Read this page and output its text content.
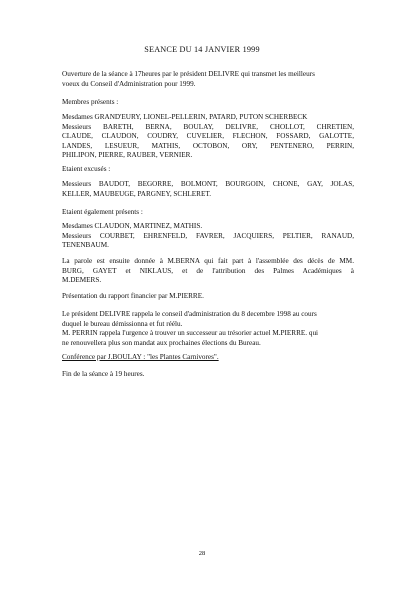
SEANCE DU 14 JANVIER 1999
Ouverture de la séance à 17heures par le président DELIVRE qui transmet les meilleurs
voeux du Conseil d'Administration pour 1999.
Membres présents :
Mesdames GRAND'EURY, LIONEL-PELLERIN, PATARD, PUTON SCHERBECK
Messieurs BARETH, BERNA, BOULAY, DELIVRE, CHOLLOT, CHRETIEN,
CLAUDE, CLAUDON, COUDRY, CUVELIER, FLECHON, FOSSARD, GALOTTE,
LANDES, LESUEUR, MATHIS, OCTOBON, ORY, PENTENERO, PERRIN,
PHILIPON, PIERRE, RAUBER, VERNIER.
Etaient excusés :
Messieurs BAUDOT, BEGORRE, BOLMONT, BOURGOIN, CHONE, GAY, JOLAS,
KELLER, MAUBEUGE, PARGNEY, SCHLERET.
Etaient également présents :
Mesdames CLAUDON, MARTINEZ, MATHIS.
Messieurs COURBET, EHRENFELD, FAVRER, JACQUIERS, PELTIER, RANAUD,
TENENBAUM.
La parole est ensuite donnée à M.BERNA qui fait part à l'assemblée des décès de MM.
BURG, GAYET et NIKLAUS, et de l'attribution des Palmes Académiques à
M.DEMERS.
Présentation du rapport financier par M.PIERRE.
Le président DELIVRE rappela le conseil d'administration du 8 decembre 1998 au cours
duquel le bureau démissionna et fut réélu.
M. PERRIN rappela l'urgence à trouver un successeur au trésorier actuel M.PIERRE. qui
ne renouvellera plus son mandat aux prochaines élections du Bureau.
Conférence par J.BOULAY : "les Plantes Carnivores".
Fin de la séance à 19 heures.
28
